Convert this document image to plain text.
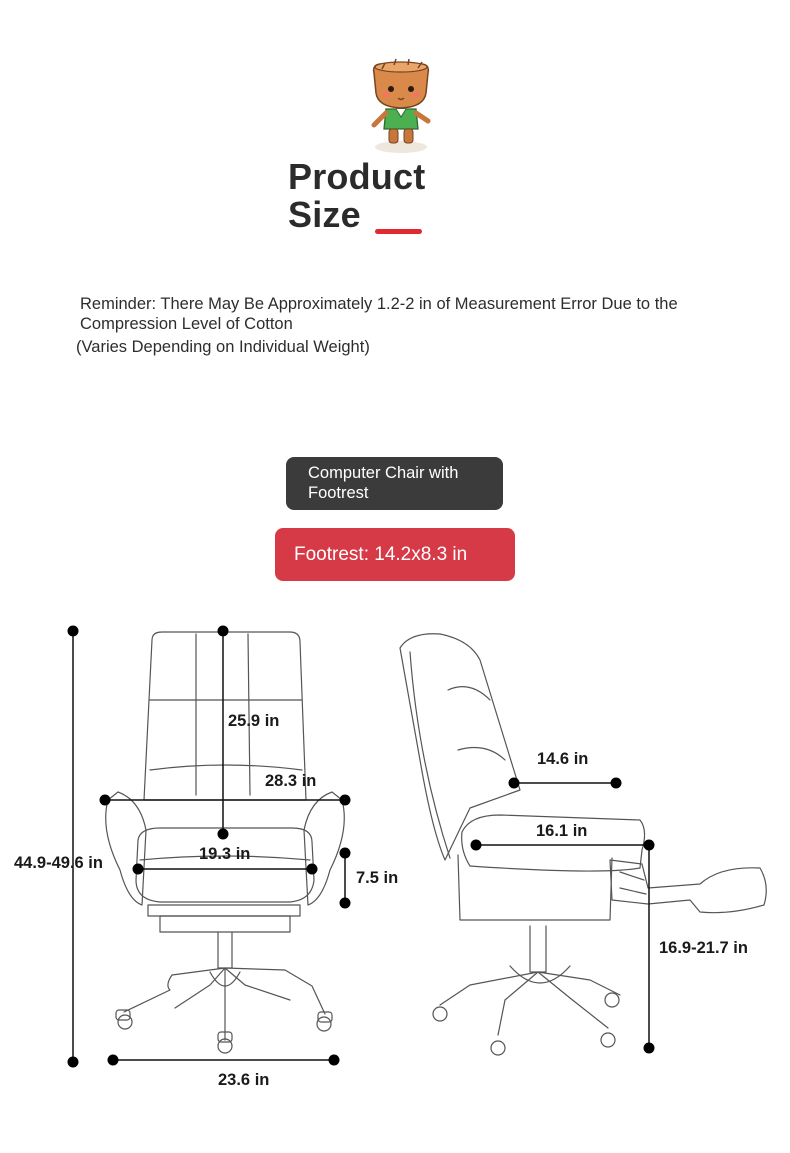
Product
Size
Reminder: There May Be Approximately 1.2-2 in of Measurement Error Due to the Compression Level of Cotton
(Varies Depending on Individual Weight)
Computer Chair with Footrest
Footrest: 14.2x8.3 in
44.9-49.6 in
25.9 in
28.3 in
19.3 in
7.5 in
23.6 in
14.6 in
16.1 in
16.9-21.7 in
